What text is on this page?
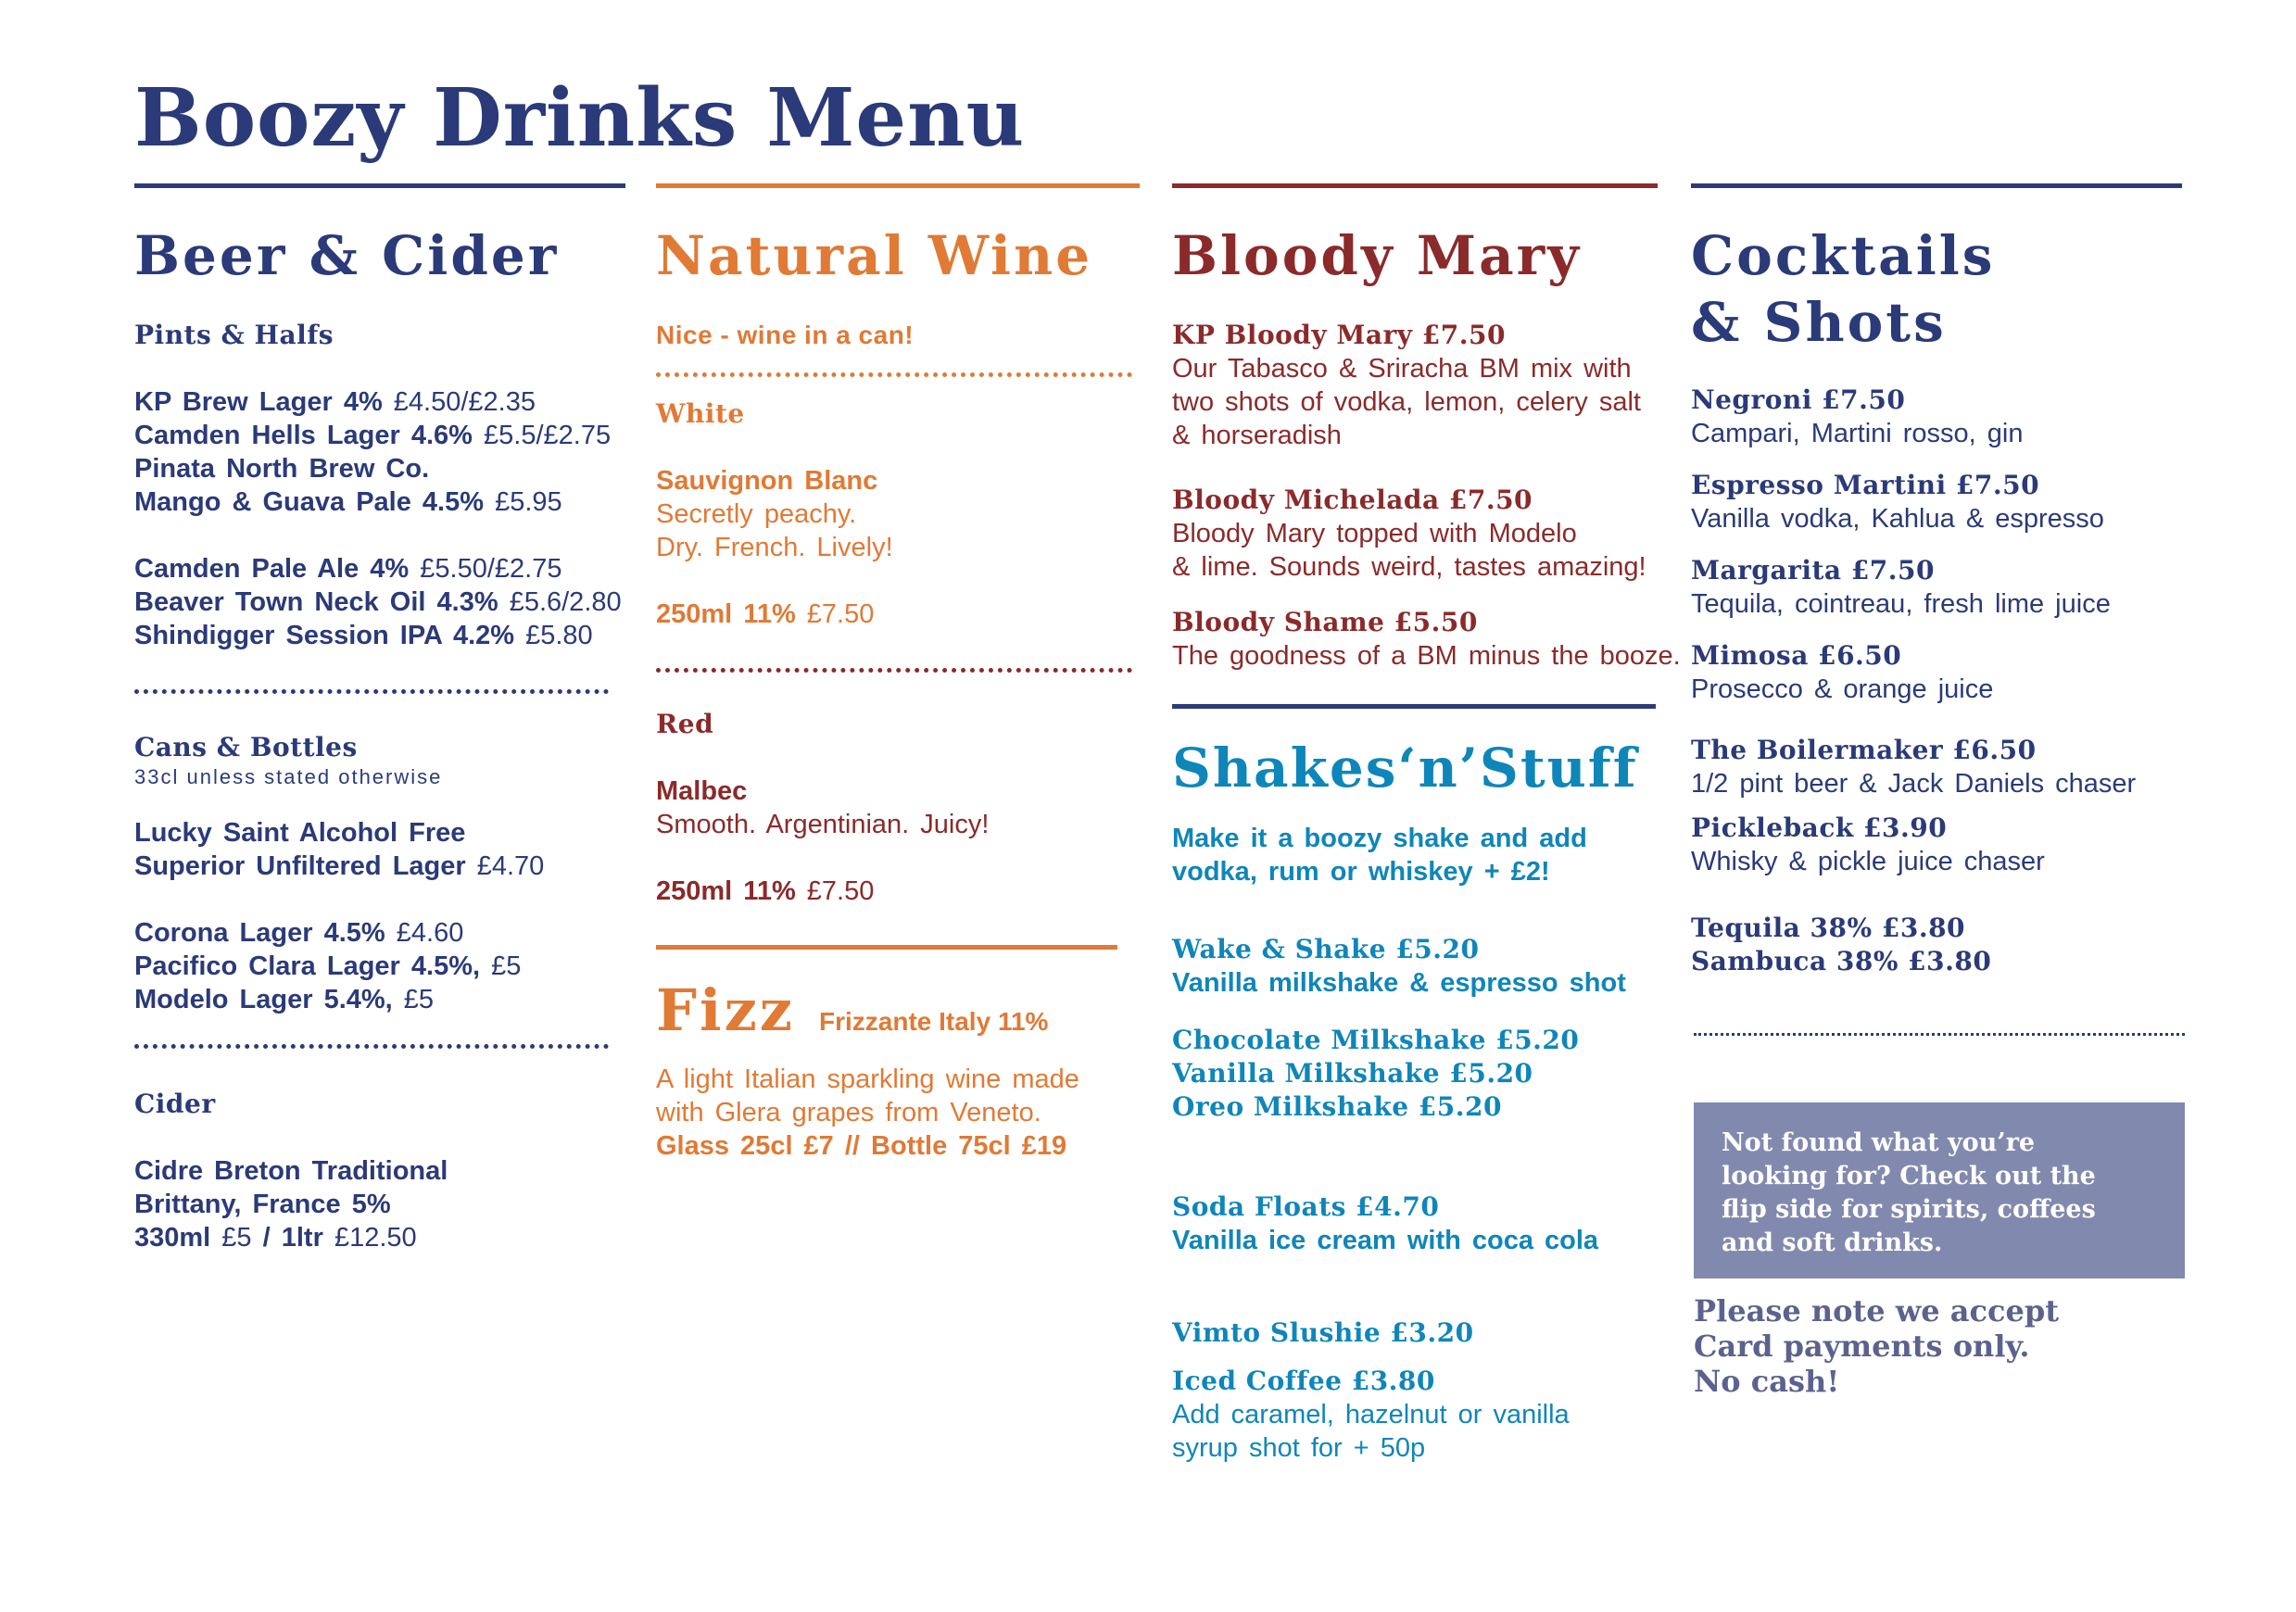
Boozy Drinks Menu
Beer & Cider
Pints & Halfs
KP Brew Lager 4% £4.50/£2.35
Camden Hells Lager 4.6% £5.5/£2.75
Pinata North Brew Co.
Mango & Guava Pale 4.5% £5.95
Camden Pale Ale 4% £5.50/£2.75
Beaver Town Neck Oil 4.3% £5.6/2.80
Shindigger Session IPA 4.2% £5.80
Cans & Bottles
33cl unless stated otherwise
Lucky Saint Alcohol Free
Superior Unfiltered Lager £4.70
Corona Lager 4.5% £4.60
Pacifico Clara Lager 4.5%, £5
Modelo Lager 5.4%, £5
Cider
Cidre Breton Traditional
Brittany, France 5%
330ml £5 / 1ltr £12.50
Natural Wine
Nice - wine in a can!
White
Sauvignon Blanc
Secretly peachy.
Dry. French. Lively!
250ml 11% £7.50
Red
Malbec
Smooth. Argentinian. Juicy!
250ml 11% £7.50
Fizz Frizzante Italy 11%
A light Italian sparkling wine made
with Glera grapes from Veneto.
Glass 25cl £7 // Bottle 75cl £19
Bloody Mary
KP Bloody Mary £7.50
Our Tabasco & Sriracha BM mix with
two shots of vodka, lemon, celery salt
& horseradish
Bloody Michelada £7.50
Bloody Mary topped with Modelo
& lime. Sounds weird, tastes amazing!
Bloody Shame £5.50
The goodness of a BM minus the booze.
Shakes‘n’Stuff
Make it a boozy shake and add
vodka, rum or whiskey + £2!
Wake & Shake £5.20
Vanilla milkshake & espresso shot
Chocolate Milkshake £5.20
Vanilla Milkshake £5.20
Oreo Milkshake £5.20
Soda Floats £4.70
Vanilla ice cream with coca cola
Vimto Slushie £3.20
Iced Coffee £3.80
Add caramel, hazelnut or vanilla
syrup shot for + 50p
Cocktails
& Shots
Negroni £7.50
Campari, Martini rosso, gin
Espresso Martini £7.50
Vanilla vodka, Kahlua & espresso
Margarita £7.50
Tequila, cointreau, fresh lime juice
Mimosa £6.50
Prosecco & orange juice
The Boilermaker £6.50
1/2 pint beer & Jack Daniels chaser
Pickleback £3.90
Whisky & pickle juice chaser
Tequila 38% £3.80
Sambuca 38% £3.80

Not found what you’re

looking for? Check out the

flip side for spirits, coffees

and soft drinks.

Please note we accept

Card payments only.

No cash!
